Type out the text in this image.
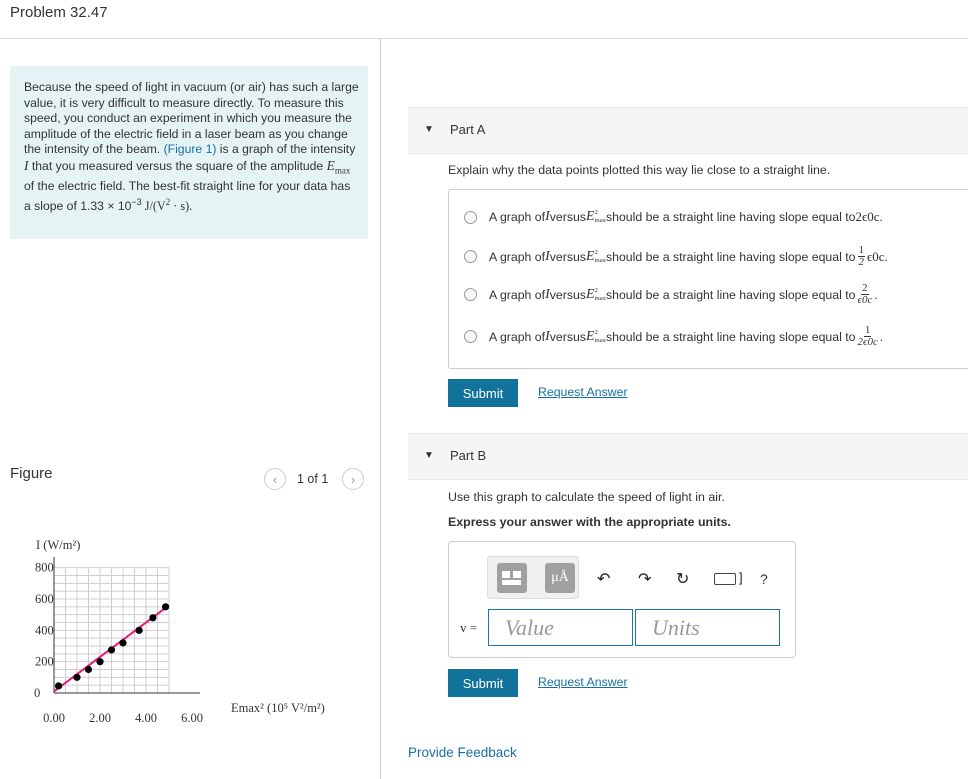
Problem 32.47
Because the speed of light in vacuum (or air) has such a large value, it is very difficult to measure directly. To measure this speed, you conduct an experiment in which you measure the amplitude of the electric field in a laser beam as you change the intensity of the beam. (Figure 1) is a graph of the intensity I that you measured versus the square of the amplitude $E_{max}$ of the electric field. The best-fit straight line for your data has a slope of $1.33 \times 10^{-3}$ $J/(V^2 \cdot s)$.
Figure	‹ 1 of 1 ›
0
200
400
600
800
0.00 2.00 4.00 6.00
I (W/m²)
Emax² (10⁵ V²/m²)
▼ Part A
Explain why the data points plotted this way lie close to a straight line.
A graph of I versus E 2
max should be a straight line having slope equal to 2ϵ0c.
A graph of I versus E 2
max should be a straight line having slope equal to $\frac{1}{2} \epsilon 0c$.
A graph of I versus E 2
max should be a straight line having slope equal to $\frac{2}{\epsilon 0c}$ .
A graph of I versus E 2
max should be a straight line having slope equal to $\frac{1}{2\epsilon 0c}$ .
Submit	Request Answer
▼ Part B
Use this graph to calculate the speed of light in air.
Express your answer with the appropriate units.
μÅ	↶ ↷ ↻	] ?
v =	Value	Units
Submit	Request Answer
Provide Feedback
